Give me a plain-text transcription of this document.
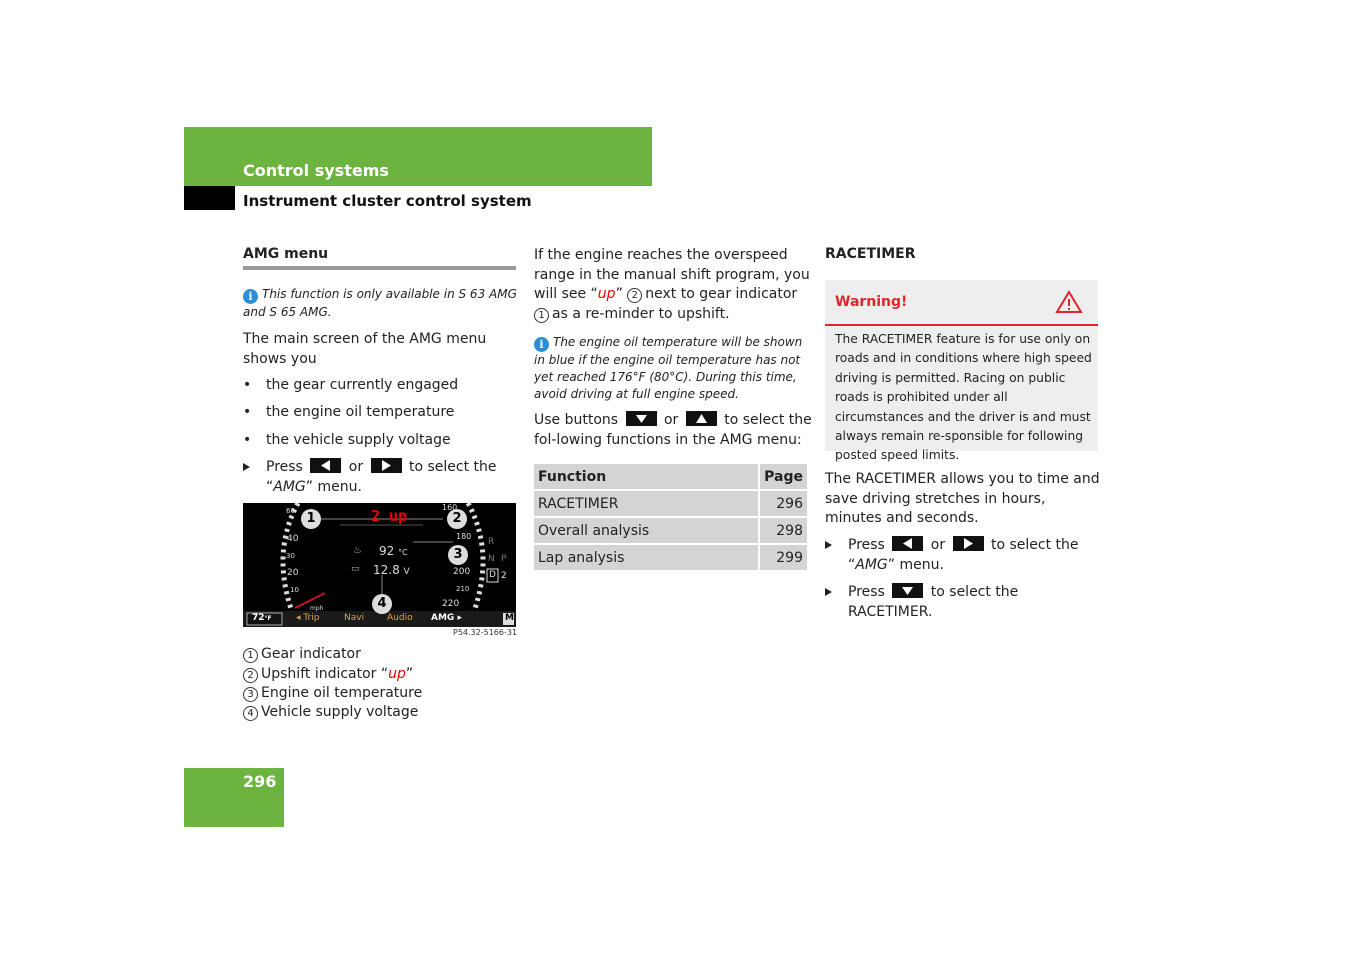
Control systems
Instrument cluster control system
AMG menu
i This function is only available in S 63 AMG and S 65 AMG.
The main screen of the AMG menu shows you
• the gear currently engaged
• the engine oil temperature
• the vehicle supply voltage
Press	or	to select the
“AMG” menu.
1	2
3
4
2 up
♨ 92 °C
▭ 12.8 V
60
40
30
20
10
mph
160
180
200
210
220
R
N P
D 2
72°F	◂ Trip	Navi	Audio AMG ▸	M
P54.32-5166-31
1 Gear indicator
2 Upshift indicator “up”
3 Engine oil temperature
4 Vehicle supply voltage
If the engine reaches the overspeed range in the manual shift program, you will see “up” 2 next to gear indicator 1 as a re-minder to upshift.
i The engine oil temperature will be shown in blue if the engine oil temperature has not yet reached 176°F (80°C). During this time, avoid driving at full engine speed.
Use buttons	or	to select the fol-lowing functions in the AMG menu:
Function	Page
RACETIMER	296
Overall analysis	298
Lap analysis	299
RACETIMER
Warning!
The RACETIMER feature is for use only on roads and in conditions where high speed driving is permitted. Racing on public roads is prohibited under all circumstances and the driver is and must always remain re-sponsible for following posted speed limits.
The RACETIMER allows you to time and save driving stretches in hours, minutes and seconds.
Press	or	to select the
“AMG” menu.
Press	to select the RACETIMER.
296
